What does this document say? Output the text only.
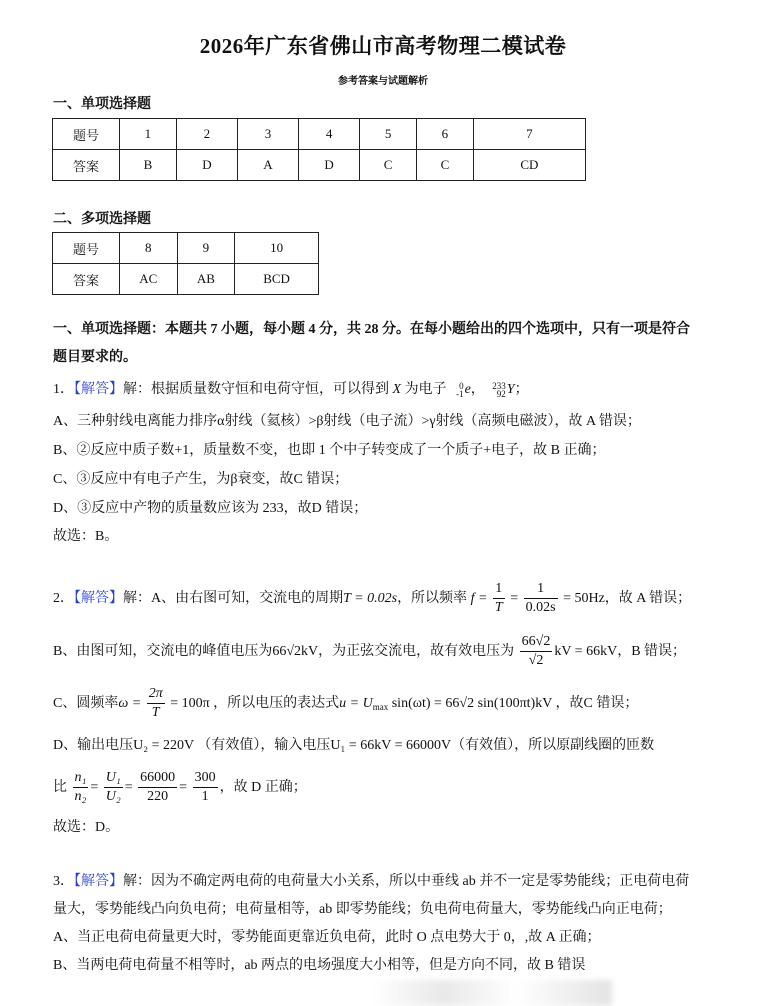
2026年广东省佛山市高考物理二模试卷
参考答案与试题解析
一、单项选择题
题号	1	2	3	4	5	6	7
答案	B	D	A	D	C	C	CD
二、多项选择题
题号	8	9	10
答案	AC	AB	BCD
一、单项选择题：本题共 7 小题，每小题 4 分，共 28 分。在每小题给出的四个选项中，只有一项是符合
题目要求的。
1．【解答】解：根据质量数守恒和电荷守恒，可以得到 X 为电子 0
-1 e， 233
92 Y；
A、三种射线电离能力排序α射线（氦核）>β射线（电子流）>γ射线（高频电磁波），故 A 错误；
B、②反应中质子数+1，质量数不变，也即 1 个中子转变成了一个质子+电子，故 B 正确；
C、③反应中有电子产生，为β衰变，故C 错误；
D、③反应中产物的质量数应该为 233，故D 错误；
故选：B。
2．【解答】解：A、由右图可知，交流电的周期T = 0.02s，所以频率 $f = \frac{1}{T} = \frac{1}{0.02s} = 50Hz$，故 A 错误；
B、由图可知，交流电的峰值电压为66√2kV，为正弦交流电，故有效电压为 $\frac{66√2}{√2}$ kV = 66kV，B 错误；
C、圆频率$\omega = \frac{2\pi}{T} = 100\pi$ ，所以电压的表达式$u = U_{max}$ sin(ωt) = 66√2 sin(100πt)kV ，故C 错误；
D、输出电压U₂ = 220V （有效值），输入电压U₁ = 66kV = 66000V（有效值），所以原副线圈的匝数
比 $\frac{\text{n₁}}{\text{n₂}} = \frac{\text{U₁}}{\text{U₂}} = \frac{66000}{220} = \frac{300}{1}$ ，故 D 正确；
故选：D。
3．【解答】解：因为不确定两电荷的电荷量大小关系，所以中垂线 ab 并不一定是零势能线；正电荷电荷
量大，零势能线凸向负电荷；电荷量相等，ab 即零势能线；负电荷电荷量大，零势能线凸向正电荷；
A、当正电荷电荷量更大时，零势能面更靠近负电荷，此时 O 点电势大于 0，,故 A 正确；
B、当两电荷电荷量不相等时，ab 两点的电场强度大小相等，但是方向不同，故 B 错误
